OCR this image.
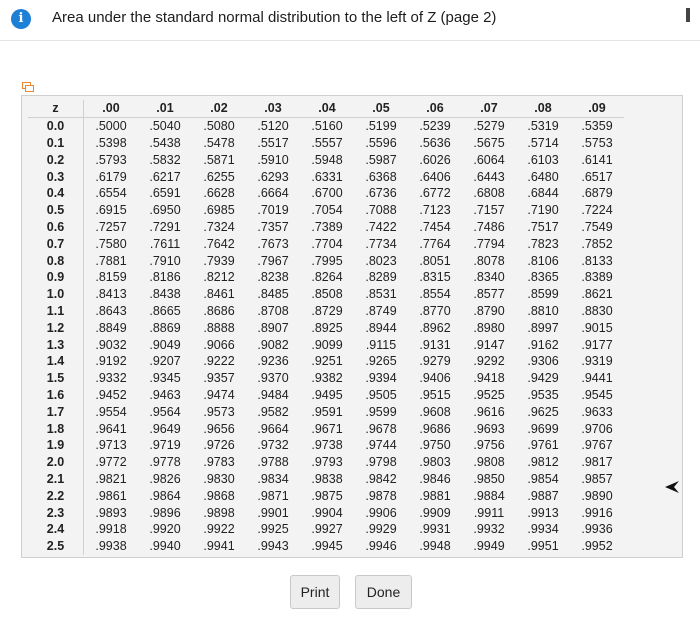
i	Area under the standard normal distribution to the left of Z (page 2)
z	.00	.01	.02	.03	.04	.05	.06	.07	.08	.09
0.0	.5000	.5040	.5080	.5120	.5160	.5199	.5239	.5279	.5319	.5359
0.1	.5398	.5438	.5478	.5517	.5557	.5596	.5636	.5675	.5714	.5753
0.2	.5793	.5832	.5871	.5910	.5948	.5987	.6026	.6064	.6103	.6141
0.3	.6179	.6217	.6255	.6293	.6331	.6368	.6406	.6443	.6480	.6517
0.4	.6554	.6591	.6628	.6664	.6700	.6736	.6772	.6808	.6844	.6879
0.5	.6915	.6950	.6985	.7019	.7054	.7088	.7123	.7157	.7190	.7224
0.6	.7257	.7291	.7324	.7357	.7389	.7422	.7454	.7486	.7517	.7549
0.7	.7580	.7611	.7642	.7673	.7704	.7734	.7764	.7794	.7823	.7852
0.8	.7881	.7910	.7939	.7967	.7995	.8023	.8051	.8078	.8106	.8133
0.9	.8159	.8186	.8212	.8238	.8264	.8289	.8315	.8340	.8365	.8389
1.0	.8413	.8438	.8461	.8485	.8508	.8531	.8554	.8577	.8599	.8621
1.1	.8643	.8665	.8686	.8708	.8729	.8749	.8770	.8790	.8810	.8830
1.2	.8849	.8869	.8888	.8907	.8925	.8944	.8962	.8980	.8997	.9015
1.3	.9032	.9049	.9066	.9082	.9099	.9115	.9131	.9147	.9162	.9177
1.4	.9192	.9207	.9222	.9236	.9251	.9265	.9279	.9292	.9306	.9319
1.5	.9332	.9345	.9357	.9370	.9382	.9394	.9406	.9418	.9429	.9441
1.6	.9452	.9463	.9474	.9484	.9495	.9505	.9515	.9525	.9535	.9545
1.7	.9554	.9564	.9573	.9582	.9591	.9599	.9608	.9616	.9625	.9633
1.8	.9641	.9649	.9656	.9664	.9671	.9678	.9686	.9693	.9699	.9706
1.9	.9713	.9719	.9726	.9732	.9738	.9744	.9750	.9756	.9761	.9767
2.0	.9772	.9778	.9783	.9788	.9793	.9798	.9803	.9808	.9812	.9817
2.1	.9821	.9826	.9830	.9834	.9838	.9842	.9846	.9850	.9854	.9857
2.2	.9861	.9864	.9868	.9871	.9875	.9878	.9881	.9884	.9887	.9890
2.3	.9893	.9896	.9898	.9901	.9904	.9906	.9909	.9911	.9913	.9916
2.4	.9918	.9920	.9922	.9925	.9927	.9929	.9931	.9932	.9934	.9936
2.5	.9938	.9940	.9941	.9943	.9945	.9946	.9948	.9949	.9951	.9952
Print	Done
